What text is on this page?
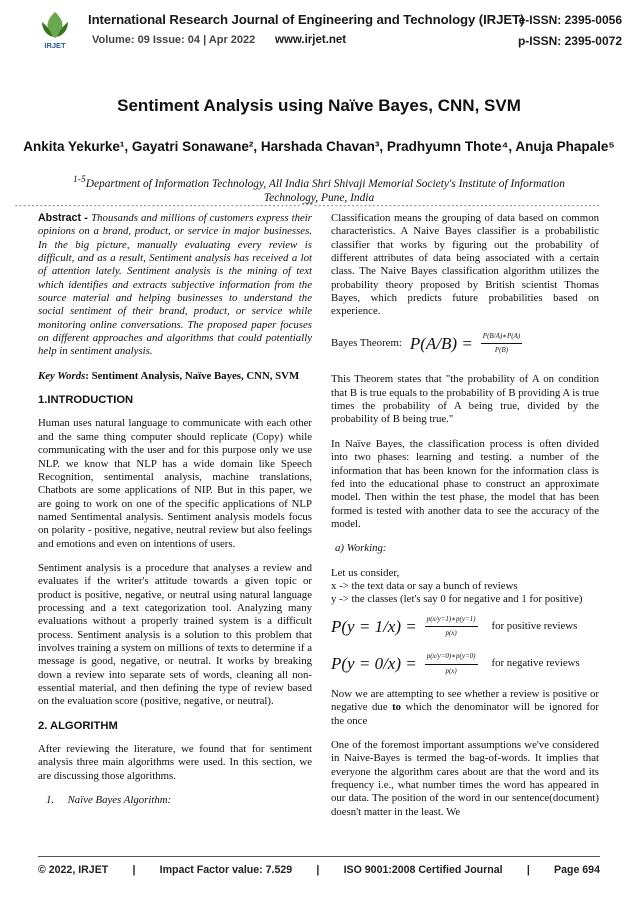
IRJET
International Research Journal of Engineering and Technology (IRJET)
e-ISSN: 2395-0056
Volume: 09 Issue: 04 | Apr 2022 www.irjet.net	p-ISSN: 2395-0072
Sentiment Analysis using Naïve Bayes, CNN, SVM
Ankita Yekurke¹, Gayatri Sonawane², Harshada Chavan³, Pradhyumn Thote⁴, Anuja Phapale⁵
$^{1-5}$Department of Information Technology, All India Shri Shivaji Memorial Society's Institute of Information Technology, Pune, India
---------------------------------------------------------------------***---------------------------------------------------------------------

Abstract - Thousands and millions of customers express their opinions on a brand, product, or service in major businesses. In the big picture, manually evaluating every review is difficult, and as a result, Sentiment analysis has received a lot of attention lately. Sentiment analysis is the mining of text which identifies and extracts subjective information from the source material and helping businesses to understand the social sentiment of their brand, product, or service while monitoring online conversations. The proposed paper focuses on different approaches and algorithms that could potentially help in sentiment analysis.

Key Words: Sentiment Analysis, Naïve Bayes, CNN, SVM

1.INTRODUCTION

Human uses natural language to communicate with each other and the same thing computer should replicate (Copy) while communicating with the user and for this purpose only we use NLP. we know that NLP has a wide domain like Speech Recognition, sentimental analysis, machine translations, Chatbots are some applications of NIP. But in this paper, we are going to work on one of the specific applications of NLP named Sentimental analysis. Sentiment analysis models focus on polarity - positive, negative, neutral review but also feelings and emotions and even on intentions of users.

Sentiment analysis is a procedure that analyses a review and evaluates if the writer's attitude towards a given topic or product is positive, negative, or neutral using natural language processing and a text categorization tool. Analyzing many evaluations without a properly trained system is a difficult process. Sentiment analysis is a solution to this problem that involves training a system on millions of texts to determine if a message is good, negative, or neutral. It works by breaking down a review into separate sets of words, cleaning all non-essential material, and then defining the type of review based on the evaluation score (positive, negative, or neutral).

2. ALGORITHM

After reviewing the literature, we found that for sentiment analysis three main algorithms were used. In this section, we are discussing those algorithms.

1.     Naïve Bayes Algorithm:

Classification means the grouping of data based on common characteristics. A Naive Bayes classifier is a probabilistic classifier that works by figuring out the probability of different attributes of data being associated with a certain class. The Naive Bayes classification algorithm utilizes the probability theory proposed by British scientist Thomas Bayes, which predicts future probabilities based on experience.

Bayes Theorem: $P(A/B) = \frac{P(B/A)∗P(A)}{P(B)}$

This Theorem states that "the probability of A on condition that B is true equals to the probability of B providing A is true times the probability of A being true, divided by the probability of B being true."

In Naïve Bayes, the classification process is often divided into two phases: learning and testing. a number of the information that has been known for the information class is fed into the educational phase to construct an approximate model. Then within the test phase, the model that has been formed is tested with another data to see the accuracy of the model.

a) Working:

Let us consider,

x -> the text data or say a bunch of reviews

y -> the classes (let's say 0 for negative and 1 for positive)

$P(y = 1/x) = \frac{p(x/y=1)∗p(y=1)}{p(x)}$ for positive reviews
$P(y = 0/x) = \frac{p(x/y=0)∗p(y=0)}{p(x)}$ for negative reviews

Now we are attempting to see whether a review is positive or negative due to which the denominator will be ignored for the once

One of the foremost important assumptions we've considered in Naive-Bayes is termed the bag-of-words. It implies that everyone the algorithm cares about are that the word and its frequency i.e., what number times the word has appeared in our data. The position of the word in our sentence(document) doesn't matter in the least. We

© 2022, IRJET | Impact Factor value: 7.529 | ISO 9001:2008 Certified Journal | Page 694
